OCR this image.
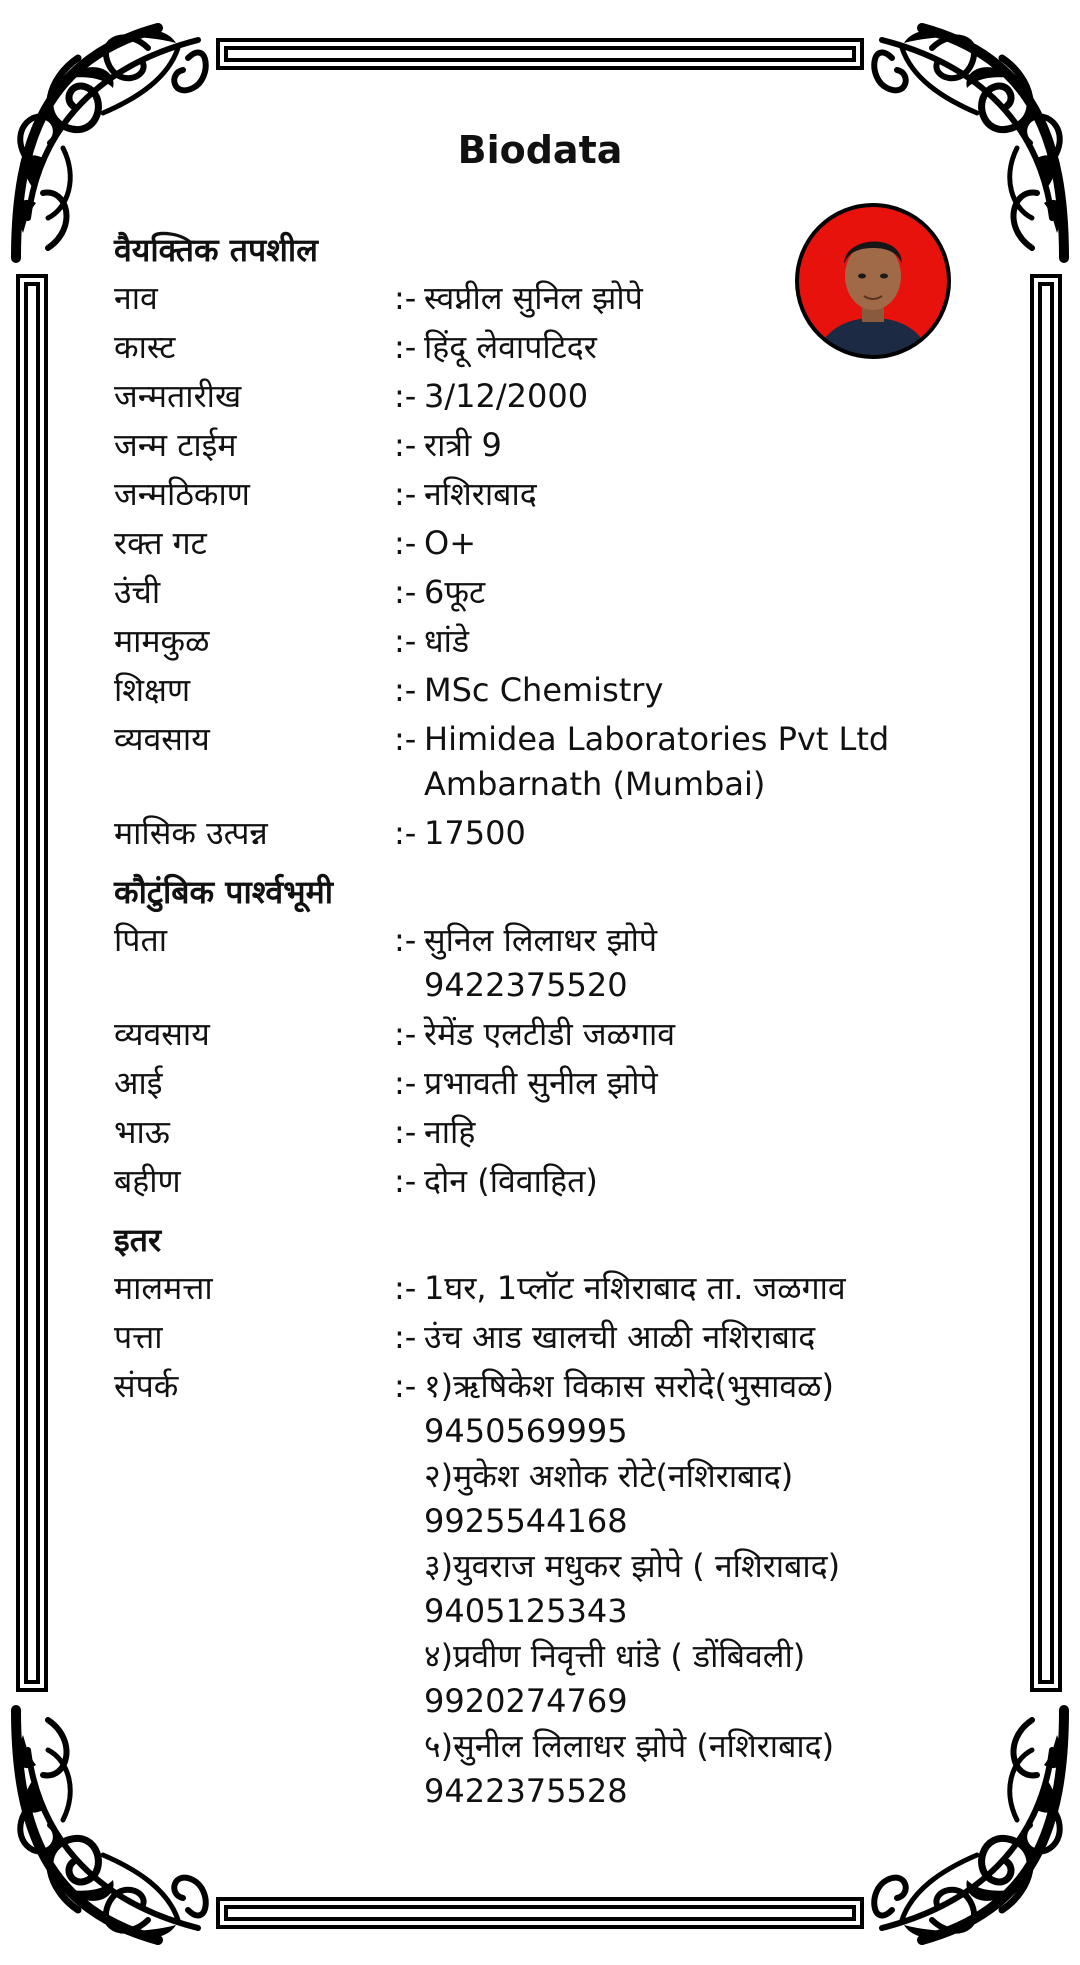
Biodata
वैयक्तिक तपशील
नाव	:- स्वप्नील सुनिल झोपे
कास्ट	:- हिंदू लेवापटिदर
जन्मतारीख	:- 3/12/2000
जन्म टाईम	:- रात्री 9
जन्मठिकाण	:- नशिराबाद
रक्त गट	:- O+
उंची	:- 6फूट
मामकुळ	:- धांडे
शिक्षण	:- MSc Chemistry
व्यवसाय	:- Himidea Laboratories Pvt Ltd
Ambarnath (Mumbai)
मासिक उत्पन्न	:- 17500
कौटुंबिक पार्श्वभूमी
पिता	:- सुनिल लिलाधर झोपे
9422375520
व्यवसाय	:- रेमेंड एलटीडी जळगाव
आई	:- प्रभावती सुनील झोपे
भाऊ	:- नाहि
बहीण	:- दोन (विवाहित)
इतर
मालमत्ता	:- 1घर, 1प्लॉट नशिराबाद ता. जळगाव
पत्ता	:- उंच आड खालची आळी नशिराबाद
संपर्क	:- १)ऋषिकेश विकास सरोदे(भुसावळ)
9450569995
२)मुकेश अशोक रोटे(नशिराबाद)
9925544168
३)युवराज मधुकर झोपे ( नशिराबाद)
9405125343
४)प्रवीण निवृत्ती धांडे ( डोंबिवली)
9920274769
५)सुनील लिलाधर झोपे (नशिराबाद)
9422375528
